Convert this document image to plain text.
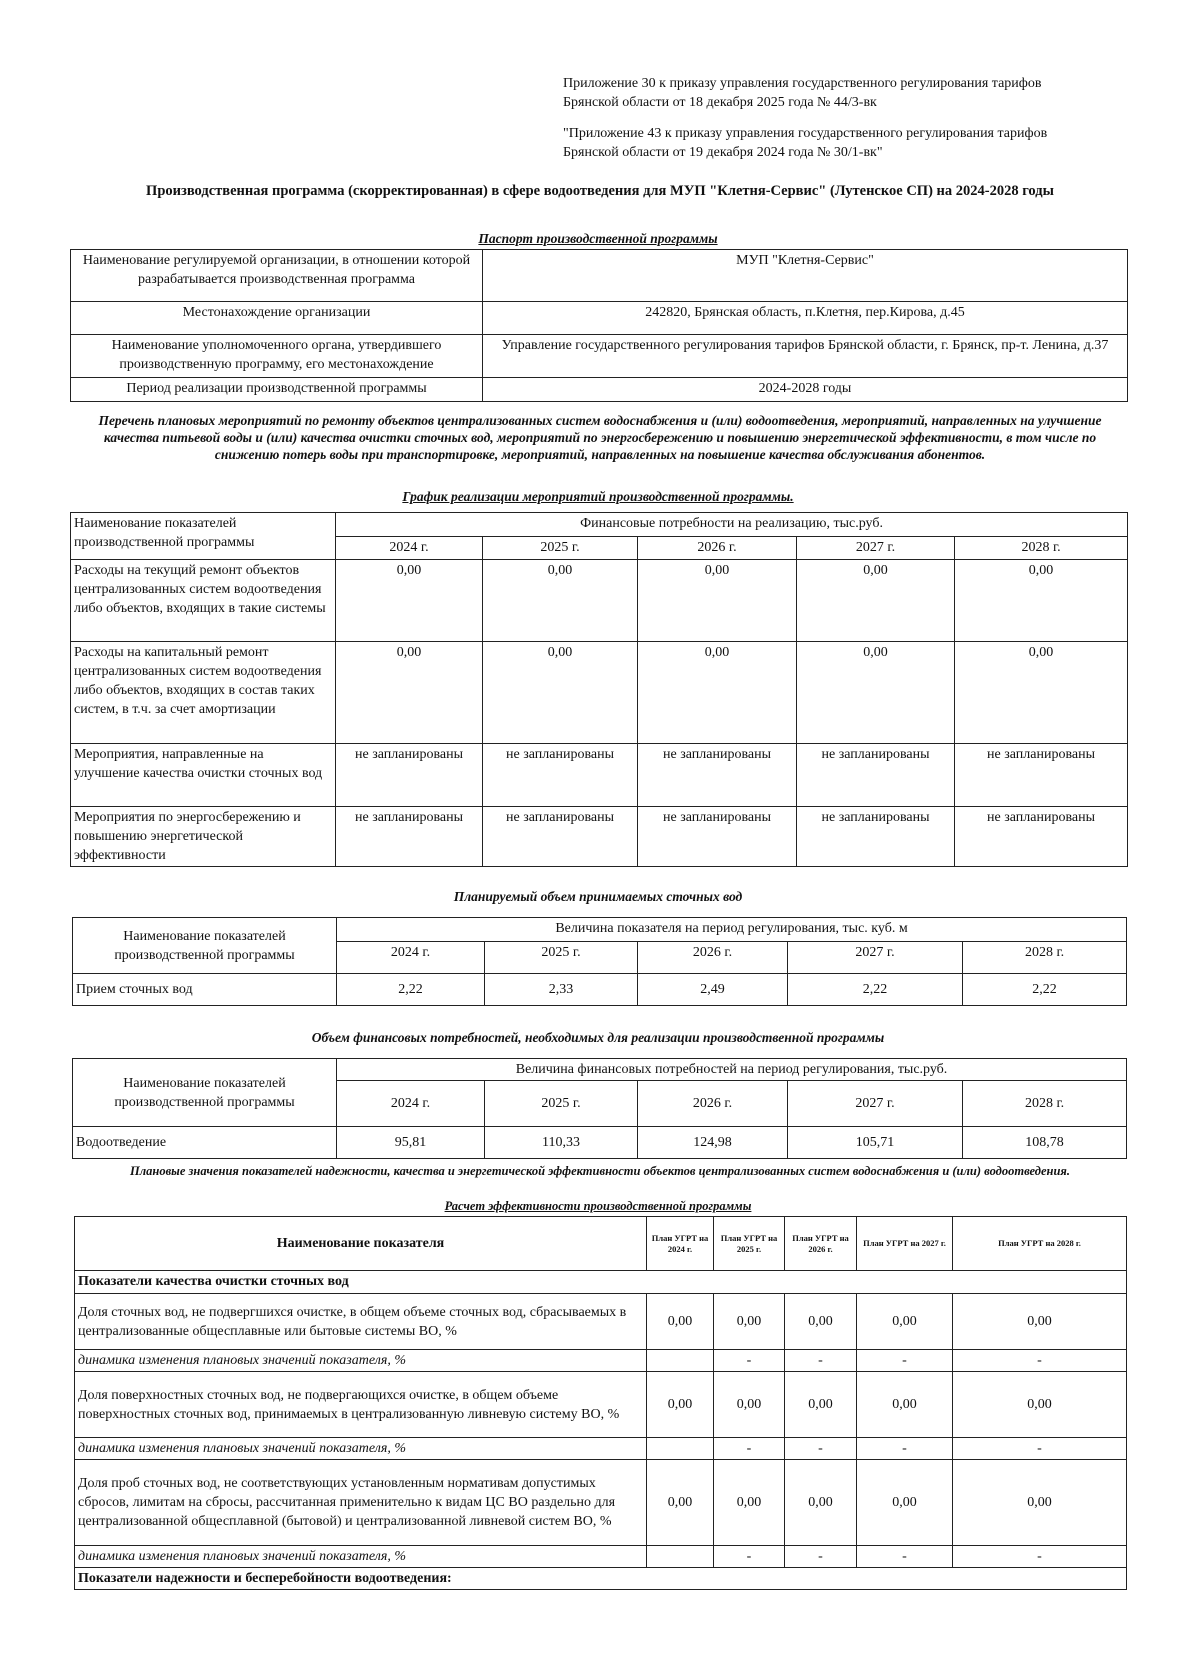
Приложение 30 к приказу управления государственного регулирования тарифов
Брянской области от 18 декабря 2025 года № 44/3-вк
"Приложение 43 к приказу управления государственного регулирования тарифов
Брянской области от 19 декабря 2024 года № 30/1-вк"
Производственная программа (скорректированная) в сфере водоотведения для МУП "Клетня-Сервис" (Лутенское СП) на 2024-2028 годы
Паспорт производственной программы
Наименование регулируемой организации, в отношении которой разрабатывается производственная программа	МУП "Клетня-Сервис"
Местонахождение организации	242820, Брянская область, п.Клетня, пер.Кирова, д.45
Наименование уполномоченного органа, утвердившего производственную программу, его местонахождение	Управление государственного регулирования тарифов Брянской области, г. Брянск, пр-т. Ленина, д.37
Период реализации производственной программы	2024-2028 годы
Перечень плановых мероприятий по ремонту объектов централизованных систем водоснабжения и (или) водоотведения, мероприятий, направленных на улучшение качества питьевой воды и (или) качества очистки сточных вод, мероприятий по энергосбережению и повышению энергетической эффективности, в том числе по снижению потерь воды при транспортировке, мероприятий, направленных на повышение качества обслуживания абонентов.
График реализации мероприятий производственной программы.
Наименование показателей производственной программы	Финансовые потребности на реализацию, тыс.руб.				
	2024 г.	2025 г.	2026 г.	2027 г.	2028 г.
Расходы на текущий ремонт объектов централизованных систем водоотведения либо объектов, входящих в такие системы	0,00	0,00	0,00	0,00	0,00
Расходы на капитальный ремонт централизованных систем водоотведения либо объектов, входящих в состав таких систем, в т.ч. за счет амортизации	0,00	0,00	0,00	0,00	0,00
Мероприятия, направленные на улучшение качества очистки сточных вод	не запланированы	не запланированы	не запланированы	не запланированы	не запланированы
Мероприятия по энергосбережению и повышению энергетической эффективности	не запланированы	не запланированы	не запланированы	не запланированы	не запланированы
Планируемый объем принимаемых сточных вод
Наименование показателей производственной программы	Величина показателя на период регулирования, тыс. куб. м				
	2024 г.	2025 г.	2026 г.	2027 г.	2028 г.
Прием сточных вод	2,22	2,33	2,49	2,22	2,22
Объем финансовых потребностей, необходимых для реализации производственной программы
Наименование показателей производственной программы	Величина финансовых потребностей на период регулирования, тыс.руб.				
	2024 г.	2025 г.	2026 г.	2027 г.	2028 г.
Водоотведение	95,81	110,33	124,98	105,71	108,78
Плановые значения показателей надежности, качества и энергетической эффективности объектов централизованных систем водоснабжения и (или) водоотведения.
Расчет эффективности производственной программы
Наименование показателя	План УГРТ на 2024 г.	План УГРТ на 2025 г.	План УГРТ на 2026 г.	План УГРТ на 2027 г.	План УГРТ на 2028 г.
Показатели качества очистки сточных вод					
Доля сточных вод, не подвергшихся очистке, в общем объеме сточных вод, сбрасываемых в централизованные общесплавные или бытовые системы ВО, %	0,00	0,00	0,00	0,00	0,00
динамика изменения плановых значений показателя, %		-	-	-	-
Доля поверхностных сточных вод, не подвергающихся очистке, в общем объеме поверхностных сточных вод, принимаемых в централизованную ливневую систему ВО, %	0,00	0,00	0,00	0,00	0,00
динамика изменения плановых значений показателя, %		-	-	-	-
Доля проб сточных вод, не соответствующих установленным нормативам допустимых сбросов, лимитам на сбросы, рассчитанная применительно к видам ЦС ВО раздельно для централизованной общесплавной (бытовой) и централизованной ливневой систем ВО, %	0,00	0,00	0,00	0,00	0,00
динамика изменения плановых значений показателя, %		-	-	-	-
Показатели надежности и бесперебойности водоотведения:					
